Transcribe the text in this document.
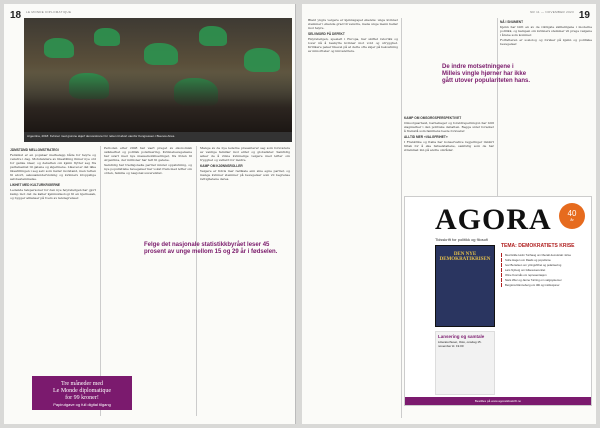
18 LE MONDE DIPLOMATIQUE
Argentina, 2018: Kvinner med grønne skjerf demonstrerer for retten til abort utenfor Kongressen i Buenos Aires.
JÄMSTÄMD MELLOMSTRATEGI

Feminist er en populær merkelapp både for høyre og venstre i dag. Motstandere av likestilling finner nye ord for gamle ideer, og debatten om kjønn flytter seg fra parlamentet til gatene og skjermene. Likevel er det ikke likestillingen i seg selv som møter motstand, men retten til abort, seksualundervisning og kvinners kroppslige selvbestemmelse.

LIKHET MED KULTURKRIGERNE

Ledende talspersoner for den nye høyrebølgen har gjort kamp mot det de kaller kjønnsideologi til en kjernesak, og bygger allianser på tvers av landegrenser.

Perioden etter 2008 har vært preget av økonomisk usikkerhet og politisk polarisering. Kvinnebevegelsene har svart med nye massemobiliseringer, fra Polen til Argentina, der millioner har tatt til gatene.

Samtidig har tradisjonelle partier mistet oppslutning, og nye populistiske bevegelser har vokst fram med løfter om orden, familie og nasjonal suverenitet.

Mange av de nye lederne presenterer seg som forsvarere av vanlige familier mot eliter og globalister. Samtidig søker de å vinne kvinnelige velgere med løfter om trygghet og velferd for mødre.

KAMP OM KJØNNSROLLER

Velgere er tidvis mer radikale enn sine egne partier, og mange kvinner stemmer på bevegelser som vil begrense rettighetene deres.

Felge det nasjonale statistikkbyrået leser 45 prosent av unge mellom 15 og 29 år i fødselen.
Tre måneder med
Le Monde diplomatique
for 99 kroner!
Papirutgave og full digital tilgang
19
NR 11 — NOVEMBER 2023

Blant yngre velgere er kjønnsgapet økende: unge kvinner stemmer i økende grad til venstre, mens unge menn heller mot høyre.

SELVMORD PÅ DEFEKT

Høyrebølgen, spesielt i Europa, har skiftet retorikk og lover nå å beskytte kvinner mot vold og utrygghet. Kritikere peker likevel på at dette ofte skjer på bekostning av minoriteter og innvandrere.

KAMP OM OMSORGSPERSPEKTIVET

Omsorgsarbeid, barnehager og foreldrepermisjon har blitt slagmarker i den politiske debatten. Begge sider forsøker å fremstå som familiens beste forsvarer.

ALLTID MER «VALGFRIHET»

I Frankrike og Italia har konservative regjeringer innført tiltak for å øke fødselstallene, samtidig som de har strammet inn på andre områder.

NÅ I SNUMENT

Kjønn har blitt en av de viktigste skillelinjene i moderne politikk, og kampen om kvinners stemmer vil prege valgene i årene som kommer.

Forfatteren er sosiolog og forsker på kjønn og politiske bevegelser.

De indre motsetningene i Milleis vingle hjørner har ikke gått utover populariteten hans.
AGORA	40
år
Tidsskrift for politikk og filosofi
DEN NYE DEMOKRATIKRISEN
Lansering og samtale
Litteraturhuset, Oslo, onsdag 15. november kl. 19.00
TEMA: DEMOKRATIETS KRISE
Med Hilde Holm Tørhaug om liberalt demokrati i krise
Sofie Hagen om Rawls og populisme
Ivar Bertelsen om ytringsfrihet og polarisering
Lars Nyberg om folkesuverenitet
Oline Kvernås om representasjon
Niels Wier og Janne Tørring om valgsystemer
Bergtora Rønneberg om tillit og institusjoner
Bestilles på www.agoratidsskrift.no
